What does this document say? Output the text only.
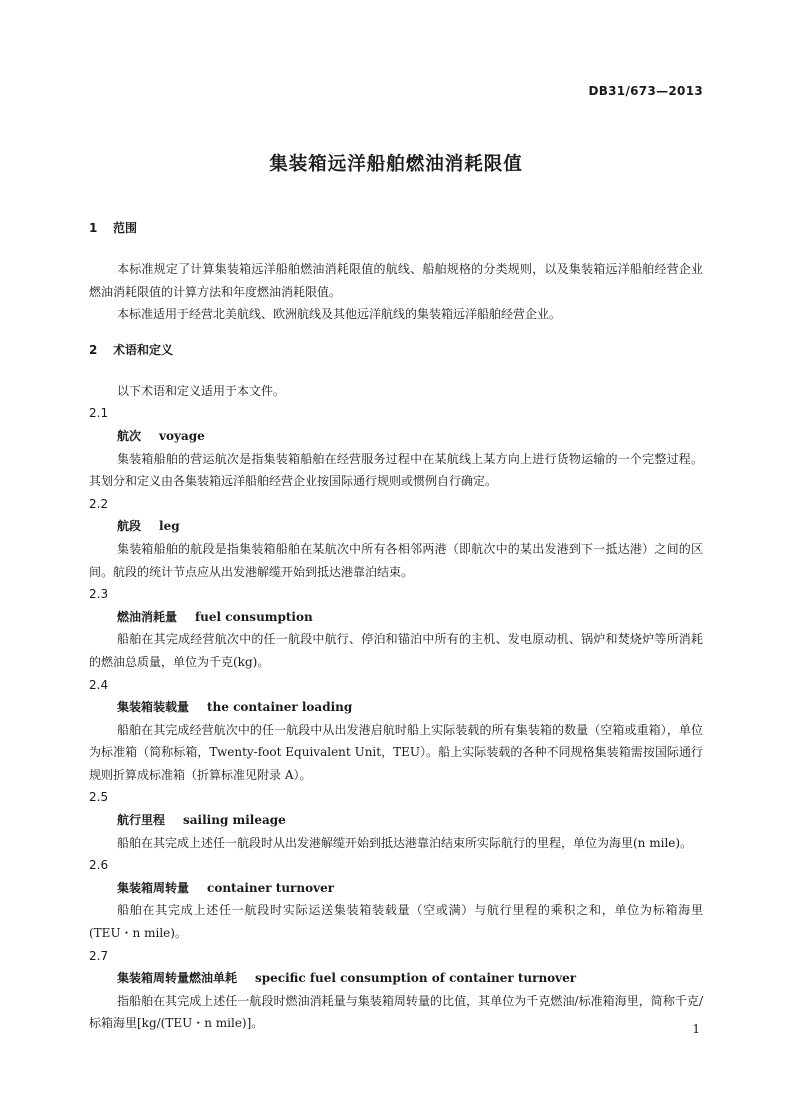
DB31/673—2013
集装箱远洋船舶燃油消耗限值
1 范围

本标准规定了计算集装箱远洋船舶燃油消耗限值的航线、船舶规格的分类规则，以及集装箱远洋船舶经营企业燃油消耗限值的计算方法和年度燃油消耗限值。

本标准适用于经营北美航线、欧洲航线及其他远洋航线的集装箱远洋船舶经营企业。

2 术语和定义

以下术语和定义适用于本文件。

2.1

航次 voyage

集装箱船舶的营运航次是指集装箱船舶在经营服务过程中在某航线上某方向上进行货物运输的一个完整过程。其划分和定义由各集装箱远洋船舶经营企业按国际通行规则或惯例自行确定。

2.2

航段 leg

集装箱船舶的航段是指集装箱船舶在某航次中所有各相邻两港（即航次中的某出发港到下一抵达港）之间的区间。航段的统计节点应从出发港解缆开始到抵达港靠泊结束。

2.3

燃油消耗量 fuel consumption

船舶在其完成经营航次中的任一航段中航行、停泊和锚泊中所有的主机、发电原动机、锅炉和焚烧炉等所消耗的燃油总质量，单位为千克(kg)。

2.4

集装箱装载量 the container loading

船舶在其完成经营航次中的任一航段中从出发港启航时船上实际装载的所有集装箱的数量（空箱或重箱），单位为标准箱（简称标箱，Twenty-foot Equivalent Unit，TEU）。船上实际装载的各种不同规格集装箱需按国际通行规则折算成标准箱（折算标准见附录 A）。

2.5

航行里程 sailing mileage

船舶在其完成上述任一航段时从出发港解缆开始到抵达港靠泊结束所实际航行的里程，单位为海里(n mile)。

2.6

集装箱周转量 container turnover

船舶在其完成上述任一航段时实际运送集装箱装载量（空或满）与航行里程的乘积之和，单位为标箱海里(TEU・n mile)。

2.7

集装箱周转量燃油单耗 specific fuel consumption of container turnover

指船舶在其完成上述任一航段时燃油消耗量与集装箱周转量的比值，其单位为千克燃油/标准箱海里，简称千克/标箱海里[kg/(TEU・n mile)]。	1
